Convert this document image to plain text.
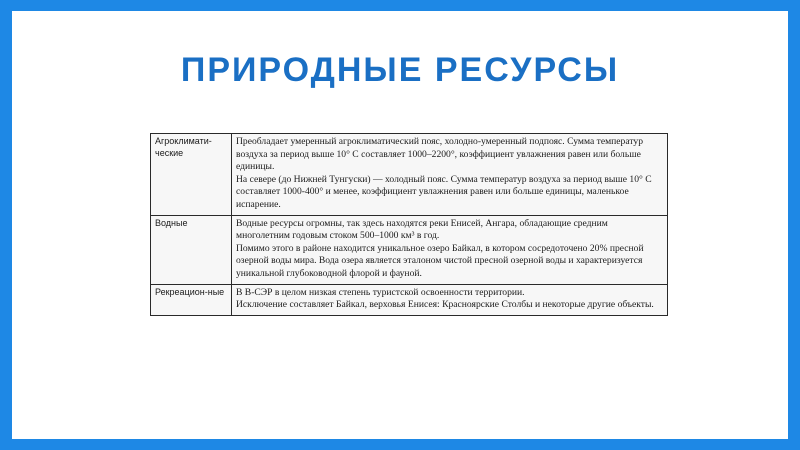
ПРИРОДНЫЕ РЕСУРСЫ
Агроклимати-ческие	Преобладает умеренный агроклиматический пояс, холодно-умеренный подпояс. Сумма температур воздуха за период выше 10° С составляет 1000–2200°, коэффициент увлажнения равен или больше единицы.
На севере (до Нижней Тунгуски) — холодный пояс. Сумма температур воздуха за период выше 10° С составляет 1000-400° и менее, коэффициент увлажнения равен или больше единицы, маленькое испарение.

Водные	Водные ресурсы огромны, так здесь находятся реки Енисей, Ангара, обладающие средним многолетним годовым стоком 500–1000 км³ в год.
Помимо этого в районе находится уникальное озеро Байкал, в котором сосредоточено 20% пресной озерной воды мира. Вода озера является эталоном чистой пресной озерной воды и характеризуется уникальной глубоководной флорой и фауной.

Рекреацион-ные	В В-СЭР в целом низкая степень туристской освоенности территории.
Исключение составляет Байкал, верховья Енисея: Красноярские Столбы и некоторые другие объекты.
